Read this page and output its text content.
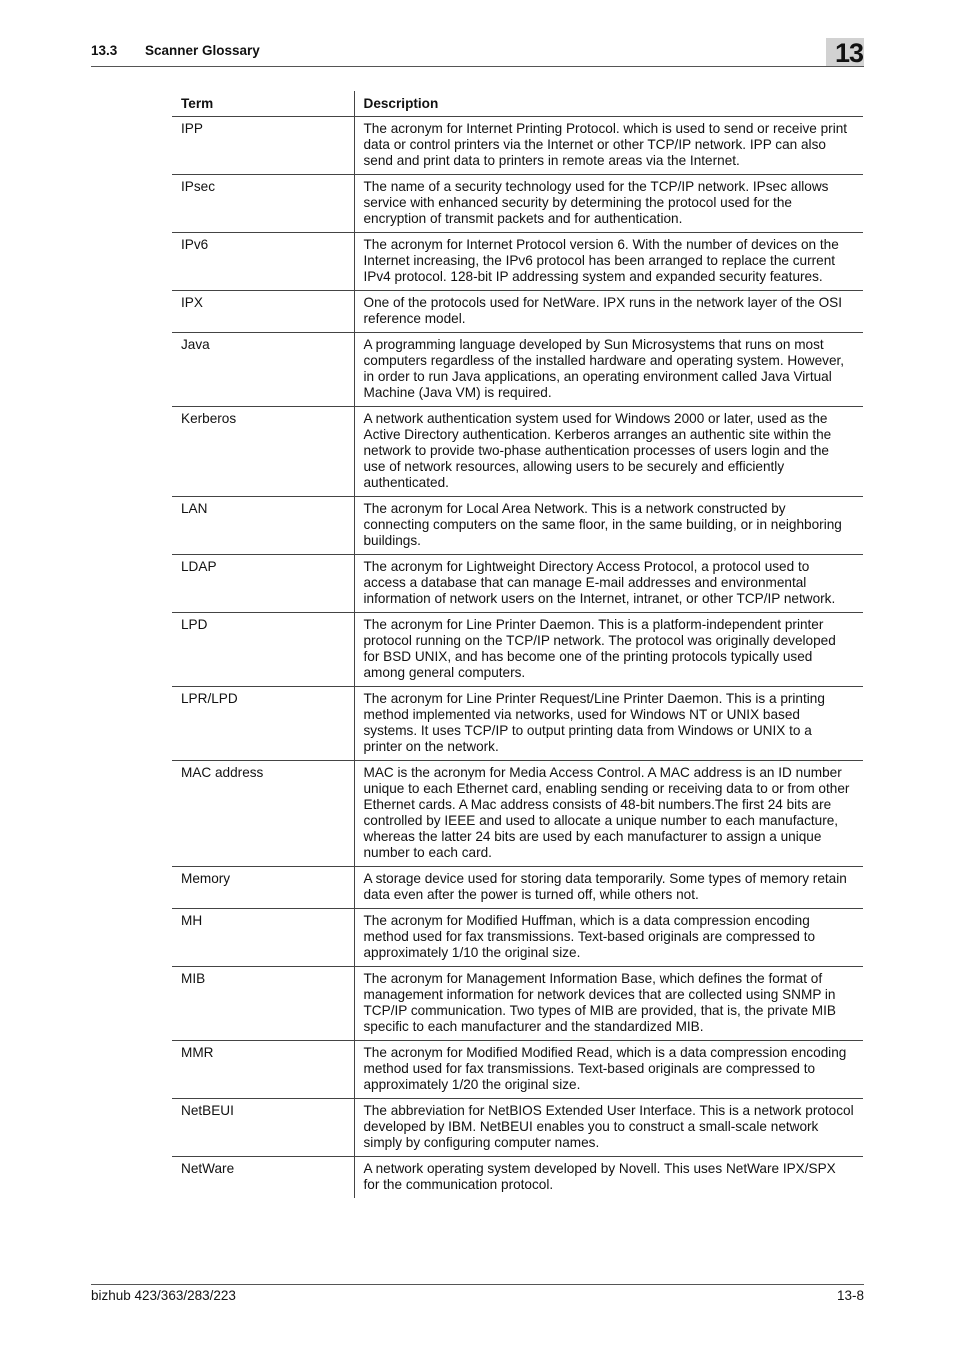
13.3 Scanner Glossary	13
Term	Description
IPP	The acronym for Internet Printing Protocol. which is used to send or receive print data or control printers via the Internet or other TCP/IP network. IPP can also send and print data to printers in remote areas via the Internet.
IPsec	The name of a security technology used for the TCP/IP network. IPsec allows service with enhanced security by determining the protocol used for the encryption of transmit packets and for authentication.
IPv6	The acronym for Internet Protocol version 6. With the number of devices on the Internet increasing, the IPv6 protocol has been arranged to replace the current IPv4 protocol. 128-bit IP addressing system and expanded security features.
IPX	One of the protocols used for NetWare. IPX runs in the network layer of the OSI reference model.
Java	A programming language developed by Sun Microsystems that runs on most computers regardless of the installed hardware and operating system. However, in order to run Java applications, an operating environment called Java Virtual Machine (Java VM) is required.
Kerberos	A network authentication system used for Windows 2000 or later, used as the Active Directory authentication. Kerberos arranges an authentic site within the network to provide two-phase authentication processes of users login and the use of network resources, allowing users to be securely and efficiently authenticated.
LAN	The acronym for Local Area Network. This is a network constructed by connecting computers on the same floor, in the same building, or in neighboring buildings.
LDAP	The acronym for Lightweight Directory Access Protocol, a protocol used to access a database that can manage E-mail addresses and environmental information of network users on the Internet, intranet, or other TCP/IP network.
LPD	The acronym for Line Printer Daemon. This is a platform-independent printer protocol running on the TCP/IP network. The protocol was originally developed for BSD UNIX, and has become one of the printing protocols typically used among general computers.
LPR/LPD	The acronym for Line Printer Request/Line Printer Daemon. This is a printing method implemented via networks, used for Windows NT or UNIX based systems. It uses TCP/IP to output printing data from Windows or UNIX to a printer on the network.
MAC address	MAC is the acronym for Media Access Control. A MAC address is an ID number unique to each Ethernet card, enabling sending or receiving data to or from other Ethernet cards. A Mac address consists of 48-bit numbers.The first 24 bits are controlled by IEEE and used to allocate a unique number to each manufacture, whereas the latter 24 bits are used by each manufacturer to assign a unique number to each card.
Memory	A storage device used for storing data temporarily. Some types of memory retain data even after the power is turned off, while others not.
MH	The acronym for Modified Huffman, which is a data compression encoding method used for fax transmissions. Text-based originals are compressed to approximately 1/10 the original size.
MIB	The acronym for Management Information Base, which defines the format of management information for network devices that are collected using SNMP in TCP/IP communication. Two types of MIB are provided, that is, the private MIB specific to each manufacturer and the standardized MIB.
MMR	The acronym for Modified Modified Read, which is a data compression encoding method used for fax transmissions. Text-based originals are compressed to approximately 1/20 the original size.
NetBEUI	The abbreviation for NetBIOS Extended User Interface. This is a network protocol developed by IBM. NetBEUI enables you to construct a small-scale network simply by configuring computer names.
NetWare	A network operating system developed by Novell. This uses NetWare IPX/SPX for the communication protocol.
bizhub 423/363/283/223	13-8
